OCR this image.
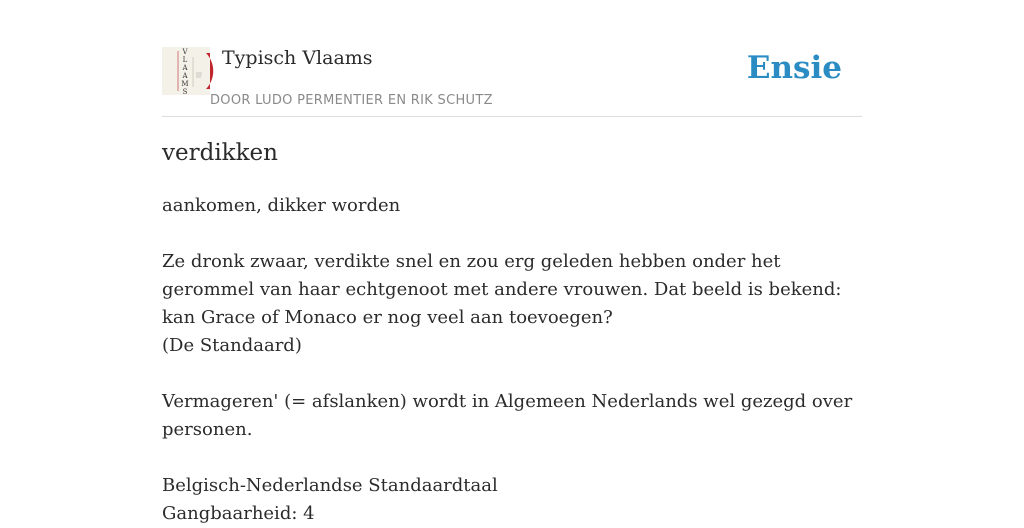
V
L
A
A
M
S
Typisch Vlaams
DOOR LUDO PERMENTIER EN RIK SCHUTZ
Ensie
verdikken

aankomen, dikker worden

Ze dronk zwaar, verdikte snel en zou erg geleden hebben onder het gerommel van haar echtgenoot met andere vrouwen. Dat beeld is bekend: kan Grace of Monaco er nog veel aan toevoegen?

(De Standaard)

Vermageren' (= afslanken) wordt in Algemeen Nederlands wel gezegd over personen.

Belgisch-Nederlandse Standaardtaal

Gangbaarheid: 4
